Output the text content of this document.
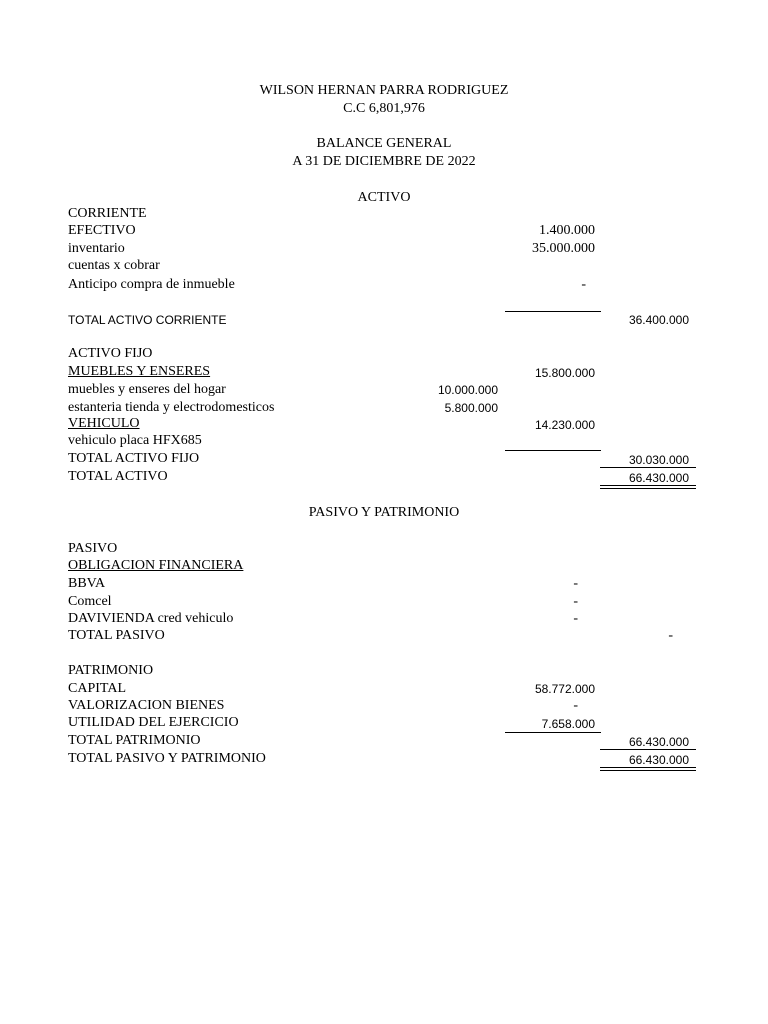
WILSON HERNAN PARRA RODRIGUEZ
C.C 6,801,976
BALANCE GENERAL
A 31 DE DICIEMBRE DE 2022
ACTIVO
CORRIENTE
EFECTIVO	1.400.000
inventario	35.000.000
cuentas x cobrar
Anticipo compra de inmueble	-
TOTAL ACTIVO CORRIENTE	36.400.000
ACTIVO FIJO
MUEBLES Y ENSERES	15.800.000
muebles y enseres del hogar	10.000.000
estanteria tienda y electrodomesticos	5.800.000
VEHICULO	14.230.000
vehiculo placa HFX685
TOTAL ACTIVO FIJO	30.030.000
TOTAL ACTIVO	66.430.000
PASIVO Y PATRIMONIO
PASIVO
OBLIGACION FINANCIERA
BBVA	-
Comcel	-
DAVIVIENDA cred vehiculo	-
TOTAL PASIVO	-
PATRIMONIO
CAPITAL	58.772.000
VALORIZACION BIENES	-
UTILIDAD DEL EJERCICIO	7.658.000
TOTAL PATRIMONIO	66.430.000
TOTAL PASIVO Y PATRIMONIO	66.430.000
